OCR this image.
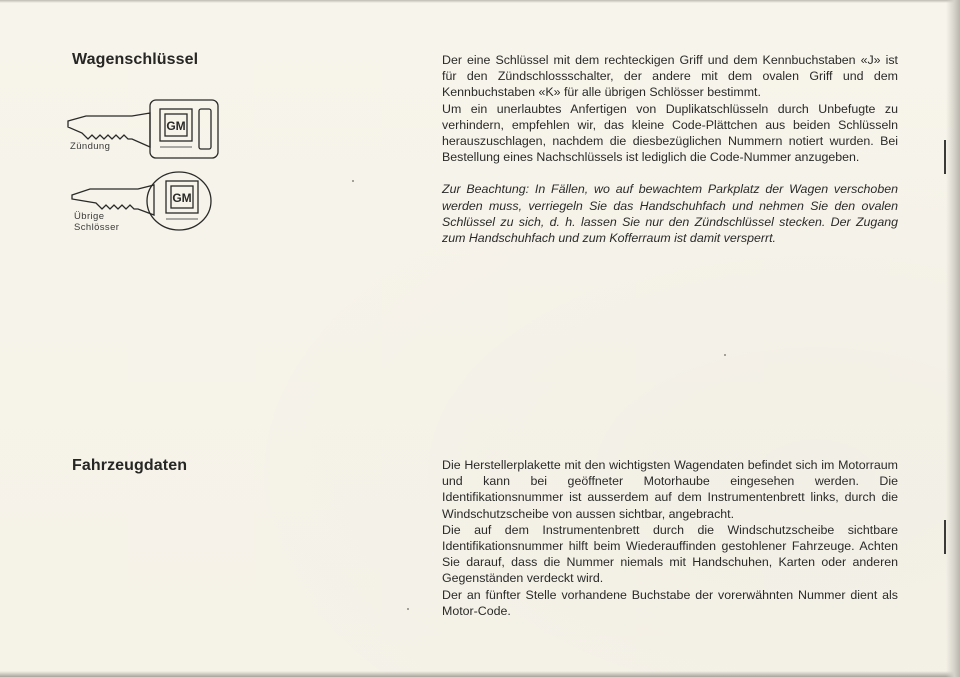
Wagenschlüssel
GM
GM
Zündung
Übrige
Schlösser

Der eine Schlüssel mit dem rechteckigen Griff und dem Kennbuchstaben «J» ist für den Zündschlossschalter, der andere mit dem ovalen Griff und dem Kennbuchstaben «K» für alle übrigen Schlösser bestimmt.

Um ein unerlaubtes Anfertigen von Duplikatschlüsseln durch Unbefugte zu verhindern, empfehlen wir, das kleine Code-Plättchen aus beiden Schlüsseln herauszuschlagen, nachdem die diesbezüglichen Nummern notiert wurden. Bei Bestellung eines Nachschlüssels ist lediglich die Code-Nummer anzugeben.

Zur Beachtung: In Fällen, wo auf bewachtem Parkplatz der Wagen verschoben werden muss, verriegeln Sie das Handschuhfach und nehmen Sie den ovalen Schlüssel zu sich, d. h. lassen Sie nur den Zündschlüssel stecken. Der Zugang zum Handschuhfach und zum Kofferraum ist damit versperrt.

Fahrzeugdaten	Die Herstellerplakette mit den wichtigsten Wagendaten befindet sich im Motorraum und kann bei geöffneter Motorhaube eingesehen werden. Die Identifikationsnummer ist ausserdem auf dem Instrumentenbrett links, durch die Windschutzscheibe von aussen sichtbar, angebracht.

Die auf dem Instrumentenbrett durch die Windschutzscheibe sichtbare Identifikationsnummer hilft beim Wiederauffinden gestohlener Fahrzeuge. Achten Sie darauf, dass die Nummer niemals mit Handschuhen, Karten oder anderen Gegenständen verdeckt wird.

Der an fünfter Stelle vorhandene Buchstabe der vorerwähnten Nummer dient als Motor-Code.
